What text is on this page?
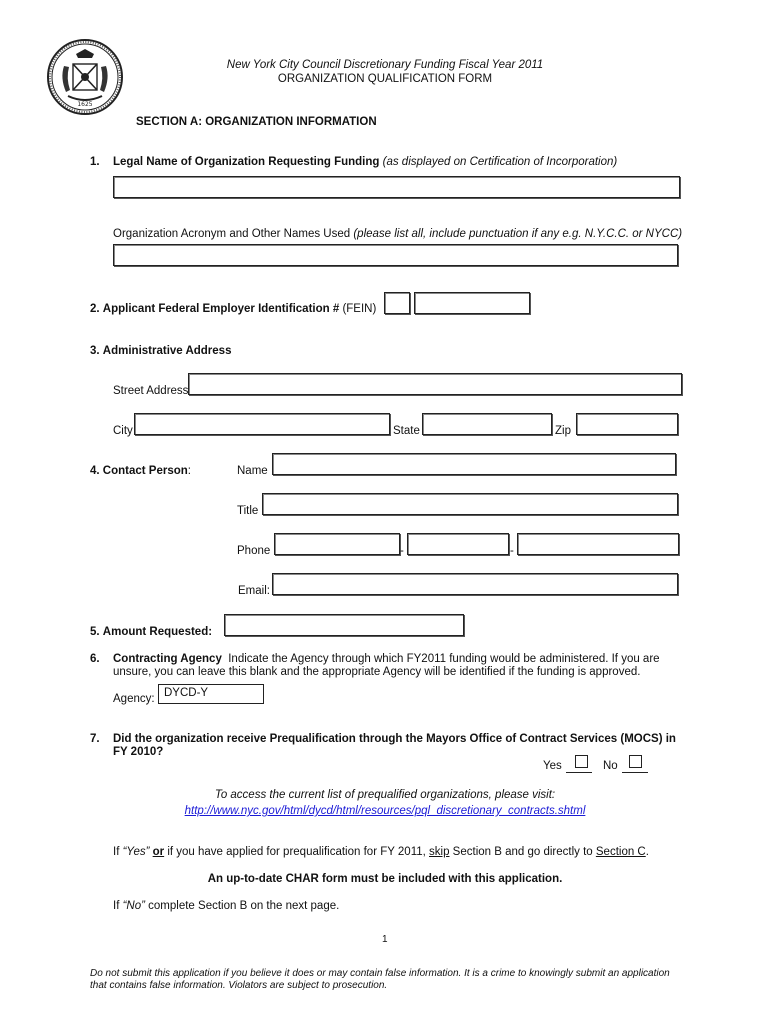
1625
New York City Council Discretionary Funding Fiscal Year 2011
ORGANIZATION QUALIFICATION FORM
SECTION A: ORGANIZATION INFORMATION
1. Legal Name of Organization Requesting Funding (as displayed on Certification of Incorporation)
Organization Acronym and Other Names Used (please list all, include punctuation if any e.g. N.Y.C.C. or NYCC)
2. Applicant Federal Employer Identification # (FEIN)
3. Administrative Address
Street Address
City	State	Zip
4. Contact Person:	Name
Title
Phone	-	-
Email:
5. Amount Requested:
6. Contracting Agency Indicate the Agency through which FY2011 funding would be administered. If you are
unsure, you can leave this blank and the appropriate Agency will be identified if the funding is approved.
Agency: DYCD-Y
7. Did the organization receive Prequalification through the Mayors Office of Contract Services (MOCS) in
FY 2010?
Yes	No
To access the current list of prequalified organizations, please visit:
http://www.nyc.gov/html/dycd/html/resources/pql_discretionary_contracts.shtml
If “Yes” or if you have applied for prequalification for FY 2011, skip Section B and go directly to Section C.
An up-to-date CHAR form must be included with this application.
If “No” complete Section B on the next page.
1
Do not submit this application if you believe it does or may contain false information. It is a crime to knowingly submit an application
that contains false information. Violators are subject to prosecution.
